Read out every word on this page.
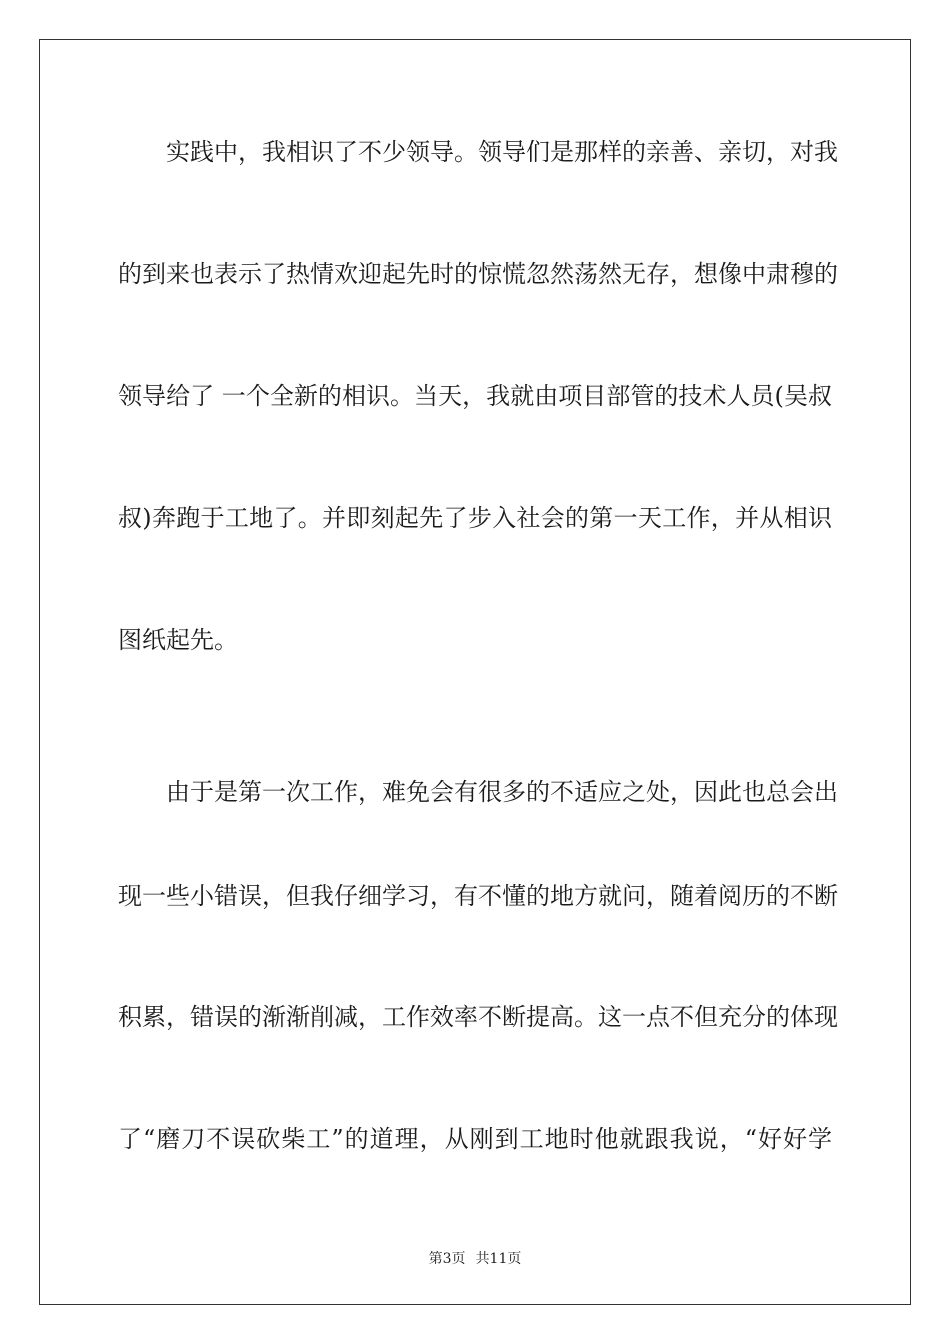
实践中，我相识了不少领导。领导们是那样的亲善、亲切，对我
的到来也表示了热情欢迎起先时的惊慌忽然荡然无存，想像中肃穆的
领导给了 一个全新的相识。当天，我就由项目部管的技术人员(吴叔
叔)奔跑于工地了。并即刻起先了步入社会的第一天工作，并从相识
图纸起先。
由于是第一次工作，难免会有很多的不适应之处，因此也总会出
现一些小错误，但我仔细学习，有不懂的地方就问，随着阅历的不断
积累，错误的渐渐削减，工作效率不断提高。这一点不但充分的体现
了“磨刀不误砍柴工”的道理，从刚到工地时他就跟我说，“好好学
第3页 共11页
